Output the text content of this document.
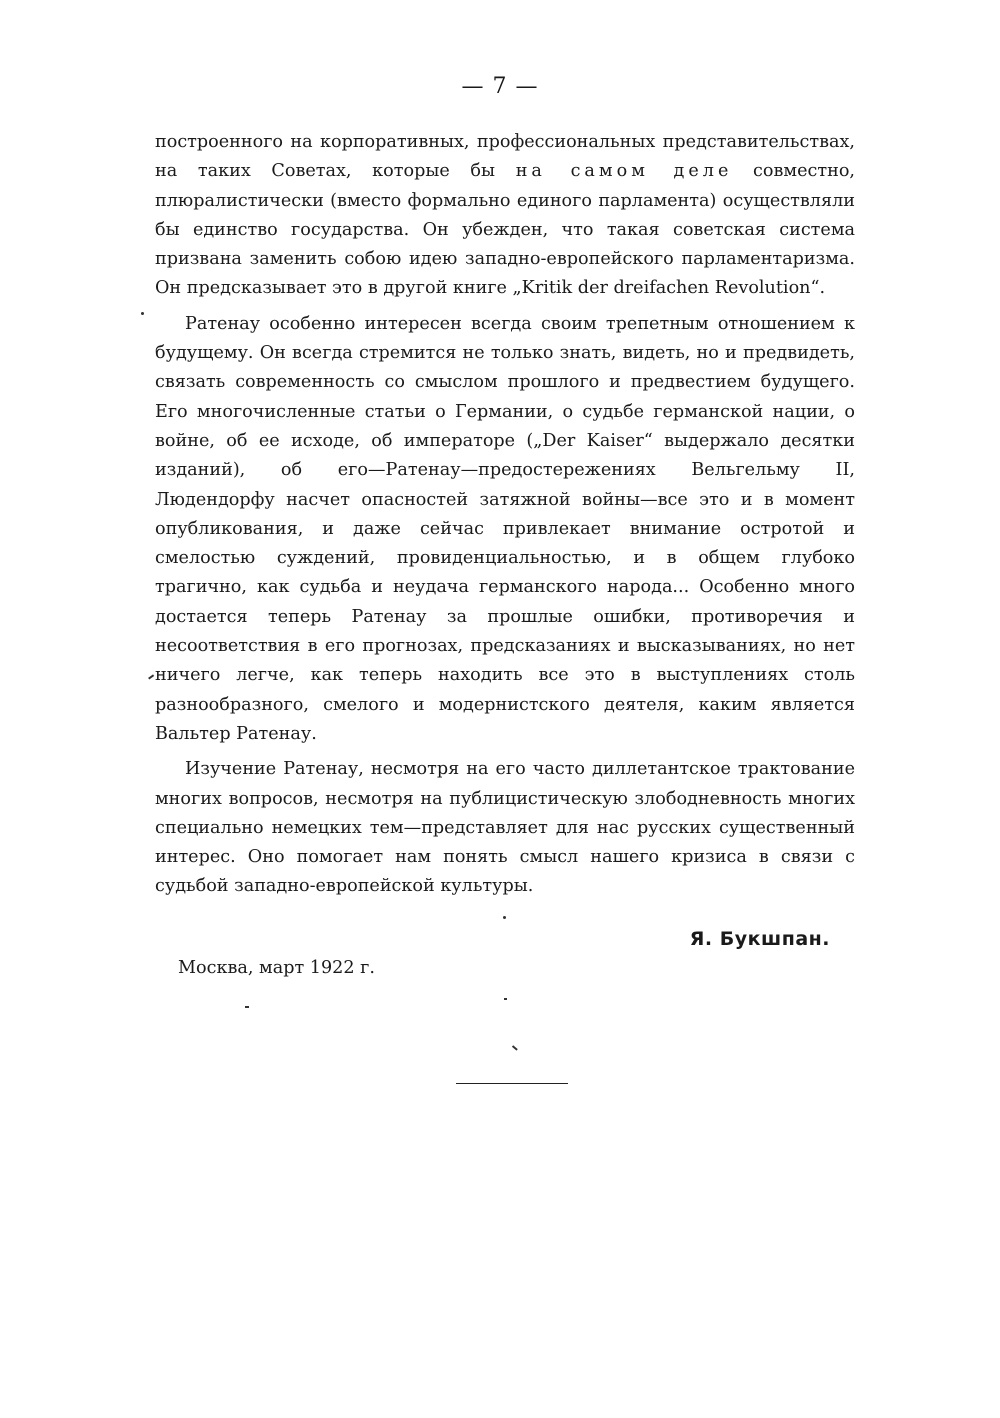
— 7 —

построенного на корпоративных, профессиональных представительствах, на таких Советах, которые бы на самом деле совместно, плюралистически (вместо формально единого парламента) осуществляли бы единство государства. Он убежден, что такая советская система призвана заменить собою идею западно-европейского парламентаризма. Он предсказывает это в другой книге „Kritik der dreifachen Revolution“.

Ратенау особенно интересен всегда своим трепетным отношением к будущему. Он всегда стремится не только знать, видеть, но и предвидеть, связать современность со смыслом прошлого и предвестием будущего. Его многочисленные статьи о Германии, о судьбе германской нации, о войне, об ее исходе, об императоре („Der Kaiser“ выдержало десятки изданий), об его—Ратенау—предостережениях Вельгельму II, Людендорфу насчет опасностей затяжной войны—все это и в момент опубликования, и даже сейчас привлекает внимание остротой и смелостью суждений, провиденциальностью, и в общем глубоко трагично, как судьба и неудача германского народа... Особенно много достается теперь Ратенау за прошлые ошибки, противоречия и несоответствия в его прогнозах, предсказаниях и высказываниях, но нет ничего легче, как теперь находить все это в выступлениях столь разнообразного, смелого и модернистского деятеля, каким является Вальтер Ратенау.

Изучение Ратенау, несмотря на его часто диллетантское трактование многих вопросов, несмотря на публицистическую злободневность многих специально немецких тем—представляет для нас русских существенный интерес. Оно помогает нам понять смысл нашего кризиса в связи с судьбой западно-европейской культуры.

Я. Букшпан.
Москва, март 1922 г.
